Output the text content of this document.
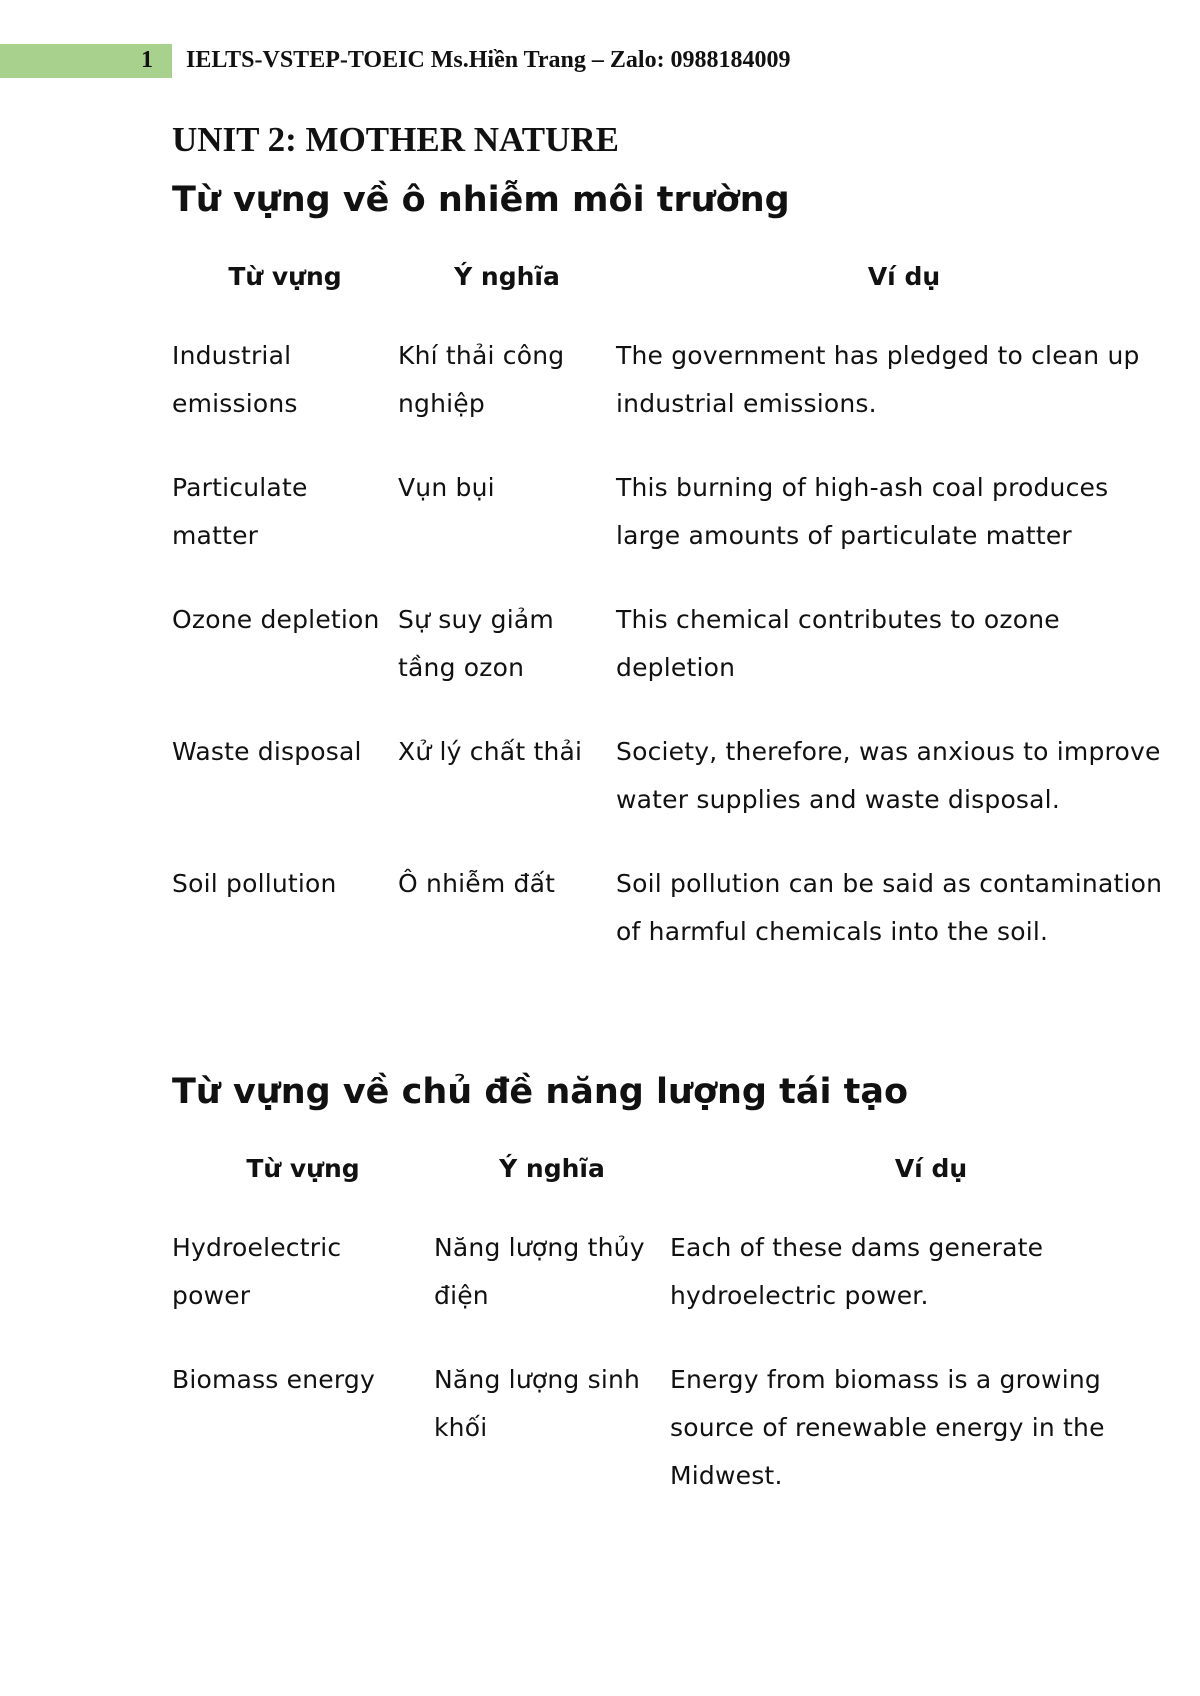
1 IELTS-VSTEP-TOEIC Ms.Hiền Trang – Zalo: 0988184009
UNIT 2: MOTHER NATURE
Từ vựng về ô nhiễm môi trường
Từ vựng	Ý nghĩa	Ví dụ
Industrial emissions	Khí thải công nghiệp	The government has pledged to clean up industrial emissions.
Particulate matter	Vụn bụi	This burning of high-ash coal produces large amounts of particulate matter
Ozone depletion	Sự suy giảm tầng ozon	This chemical contributes to ozone depletion
Waste disposal	Xử lý chất thải	Society, therefore, was anxious to improve water supplies and waste disposal.
Soil pollution	Ô nhiễm đất	Soil pollution can be said as contamination of harmful chemicals into the soil.
Từ vựng về chủ đề năng lượng tái tạo
Từ vựng	Ý nghĩa	Ví dụ
Hydroelectric power	Năng lượng thủy điện	Each of these dams generate hydroelectric power.
Biomass energy	Năng lượng sinh khối	Energy from biomass is a growing source of renewable energy in the Midwest.
